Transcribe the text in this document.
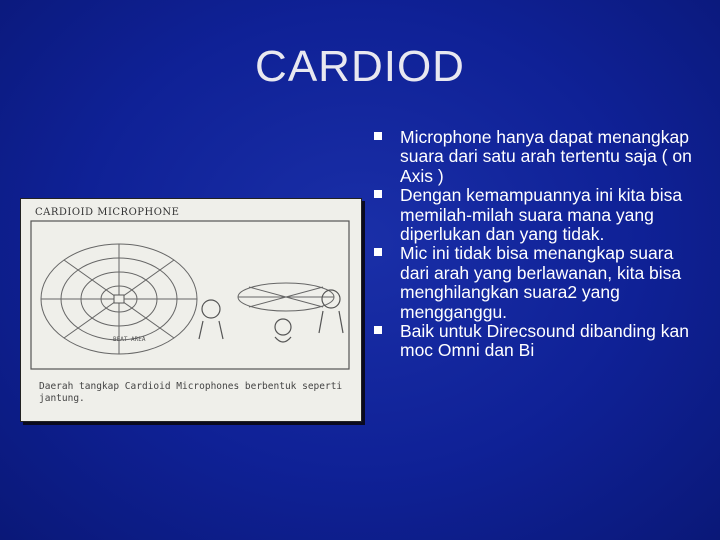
CARDIOD
BEAT AREA
CARDIOID MICROPHONE
Daerah tangkap Cardioid Microphones berbentuk seperti jantung.
Microphone hanya dapat menangkap suara dari satu arah tertentu saja ( on Axis )
Dengan kemampuannya ini kita bisa memilah-milah suara mana yang diperlukan dan yang tidak.
Mic ini tidak bisa menangkap suara dari arah yang berlawanan, kita bisa menghilangkan suara2 yang mengganggu.
Baik untuk Direcsound dibanding kan moc Omni dan Bi
